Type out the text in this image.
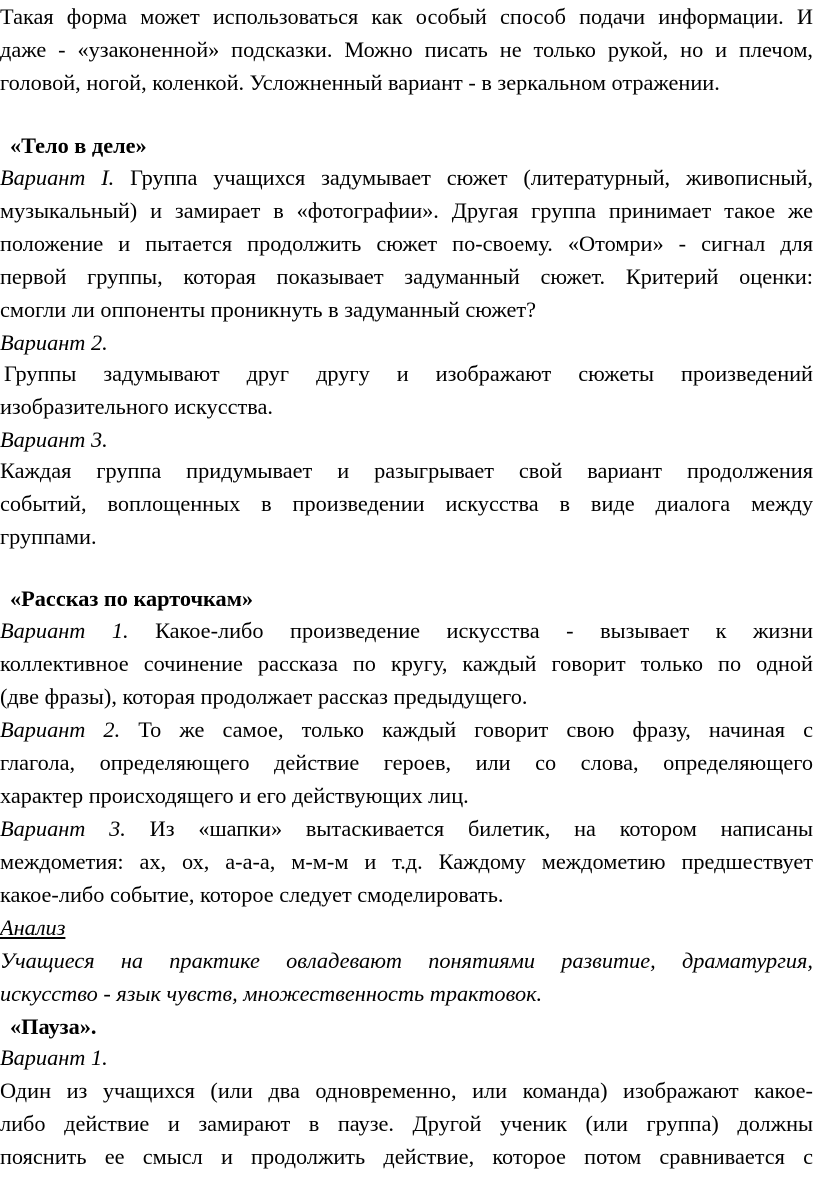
Такая форма может использоваться как особый способ подачи информации. И
даже - «узаконенной» подсказки. Можно писать не только рукой, но и плечом,
головой, ногой, коленкой. Усложненный вариант - в зеркальном отражении.
«Тело в деле»
Вариант I. Группа учащихся задумывает сюжет (литературный, живописный,
музыкальный) и замирает в «фотографии». Другая группа принимает такое же
положение и пытается продолжить сюжет по-своему. «Отомри» - сигнал для
первой группы, которая показывает задуманный сюжет. Критерий оценки:
смогли ли оппоненты проникнуть в задуманный сюжет?
Вариант 2.
Группы задумывают друг другу и изображают сюжеты произведений
изобразительного искусства.
Вариант 3.
Каждая группа придумывает и разыгрывает свой вариант продолжения
событий, воплощенных в произведении искусства в виде диалога между
группами.
«Рассказ по карточкам»
Вариант 1. Какое-либо произведение искусства - вызывает к жизни
коллективное сочинение рассказа по кругу, каждый говорит только по одной
(две фразы), которая продолжает рассказ предыдущего.
Вариант 2. То же самое, только каждый говорит свою фразу, начиная с
глагола, определяющего действие героев, или со слова, определяющего
характер происходящего и его действующих лиц.
Вариант 3. Из «шапки» вытаскивается билетик, на котором написаны
междометия: ах, ох, а-а-а, м-м-м и т.д. Каждому междометию предшествует
какое-либо событие, которое следует смоделировать.
Анализ
Учащиеся на практике овладевают понятиями развитие, драматургия,
искусство - язык чувств, множественность трактовок.
«Пауза».
Вариант 1.
Один из учащихся (или два одновременно, или команда) изображают какое-
либо действие и замирают в паузе. Другой ученик (или группа) должны
пояснить ее смысл и продолжить действие, которое потом сравнивается с
